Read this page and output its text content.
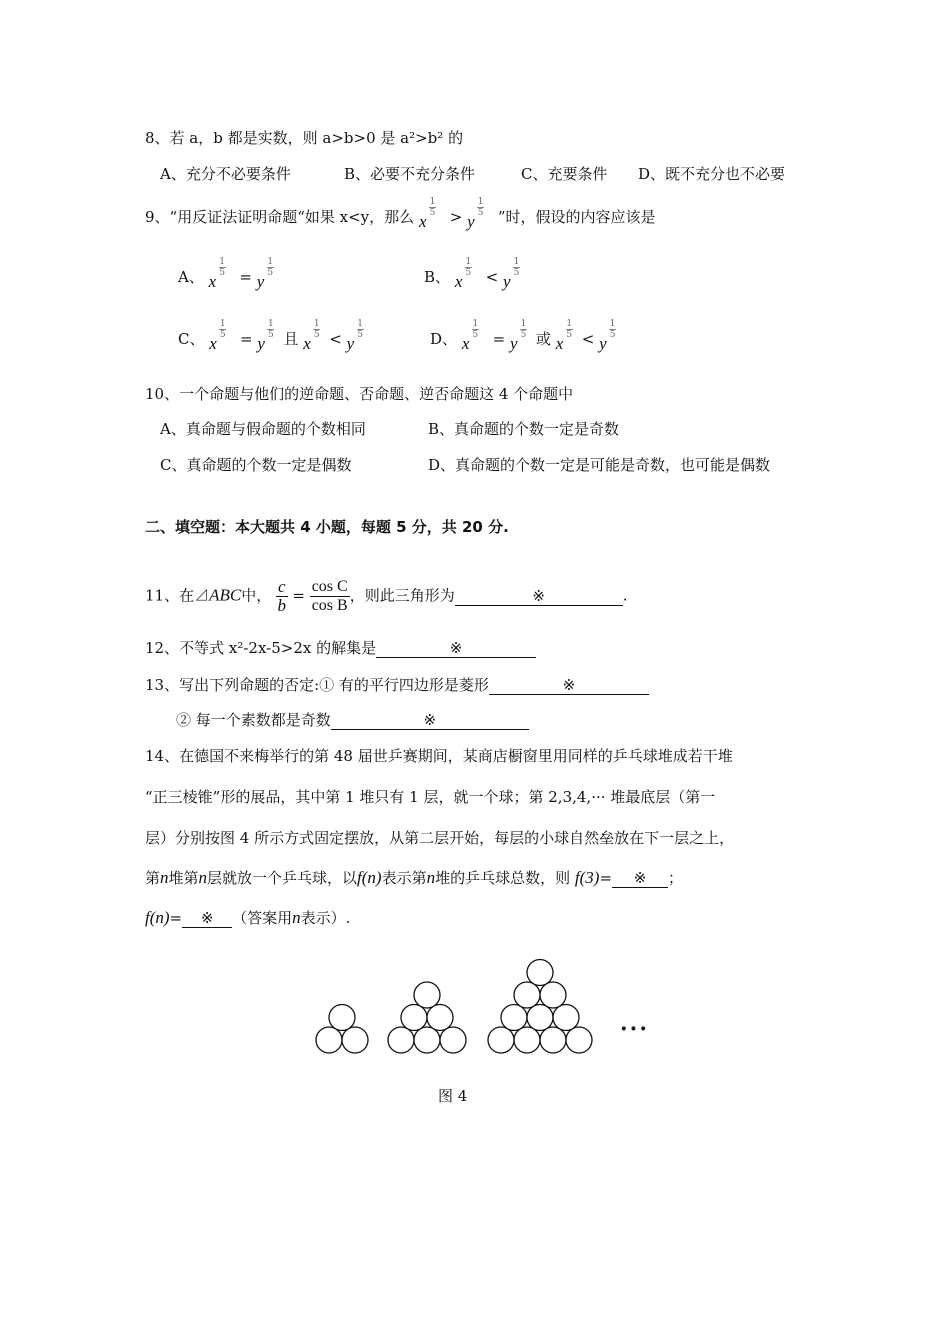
8、若 a，b 都是实数，则 a>b>0 是 a²>b² 的
A、充分不必要条件	B、必要不充分条件	C、充要条件 D、既不充分也不必要
9、“用反证法证明命题“如果 x<y，那么 x
1
5 > y
1
5 ”时，假设的内容应该是
A、 x
1
5 = y
1
5	B、 x
1
5 < y
1
5
C、 x
1
5 = y
1
5 且 x
1
5 < y
1
5	D、 x
1
5 = y
1
5 或 x
1
5 < y
1
5
10、一个命题与他们的逆命题、否命题、逆否命题这 4 个命题中
A、真命题与假命题的个数相同	B、真命题的个数一定是奇数
C、真命题的个数一定是偶数	D、真命题的个数一定是可能是奇数，也可能是偶数
二、填空题：本大题共 4 小题，每题 5 分，共 20 分.
11、在⊿ABC中， $\frac{c}{b} = \frac{\text{cos C}}{\text{cos B}}$ ，则此三角形为	※	.
12、不等式 x²-2x-5>2x 的解集是	※
13、写出下列命题的否定:① 有的平行四边形是菱形	※
② 每一个素数都是奇数	※
14、在德国不来梅举行的第 48 届世乒赛期间，某商店橱窗里用同样的乒乓球堆成若干堆
“正三棱锥”形的展品，其中第 1 堆只有 1 层，就一个球；第 2,3,4,··· 堆最底层（第一
层）分别按图 4 所示方式固定摆放，从第二层开始，每层的小球自然垒放在下一层之上，
第n堆第n层就放一个乒乓球，以f(n)表示第n堆的乒乓球总数，则 f(3)= ※ ；
f(n)= ※ （答案用n表示）.
···
图 4
